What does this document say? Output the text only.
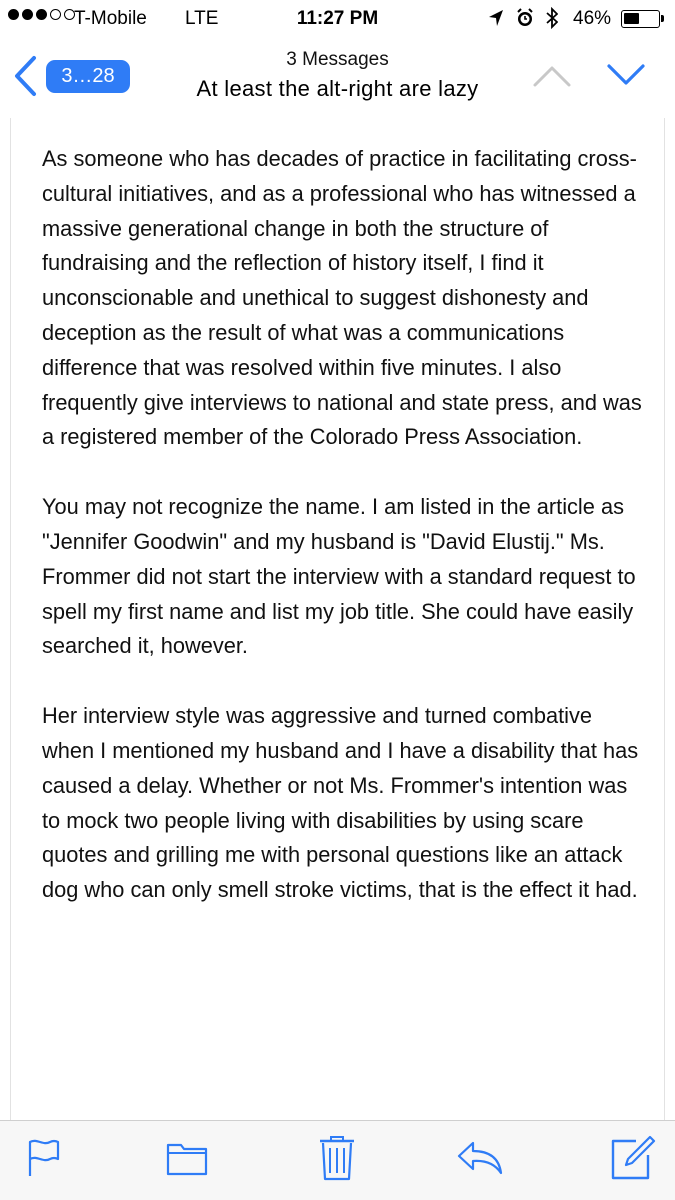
T-Mobile LTE	11:27 PM	46%
3…28
3 Messages
At least the alt-right are lazy

As someone who has decades of practice in facilitating cross-cultural initiatives, and as a professional who has witnessed a massive generational change in both the structure of fundraising and the reflection of history itself, I find it unconscionable and unethical to suggest dishonesty and deception as the result of what was a communications difference that was resolved within five minutes. I also frequently give interviews to national and state press, and was a registered member of the Colorado Press Association.

You may not recognize the name. I am listed in the article as "Jennifer Goodwin" and my husband is "David Elustij." Ms. Frommer did not start the interview with a standard request to spell my first name and list my job title. She could have easily searched it, however.

Her interview style was aggressive and turned combative when I mentioned my husband and I have a disability that has caused a delay. Whether or not Ms. Frommer's intention was to mock two people living with disabilities by using scare quotes and grilling me with personal questions like an attack dog who can only smell stroke victims, that is the effect it had.
